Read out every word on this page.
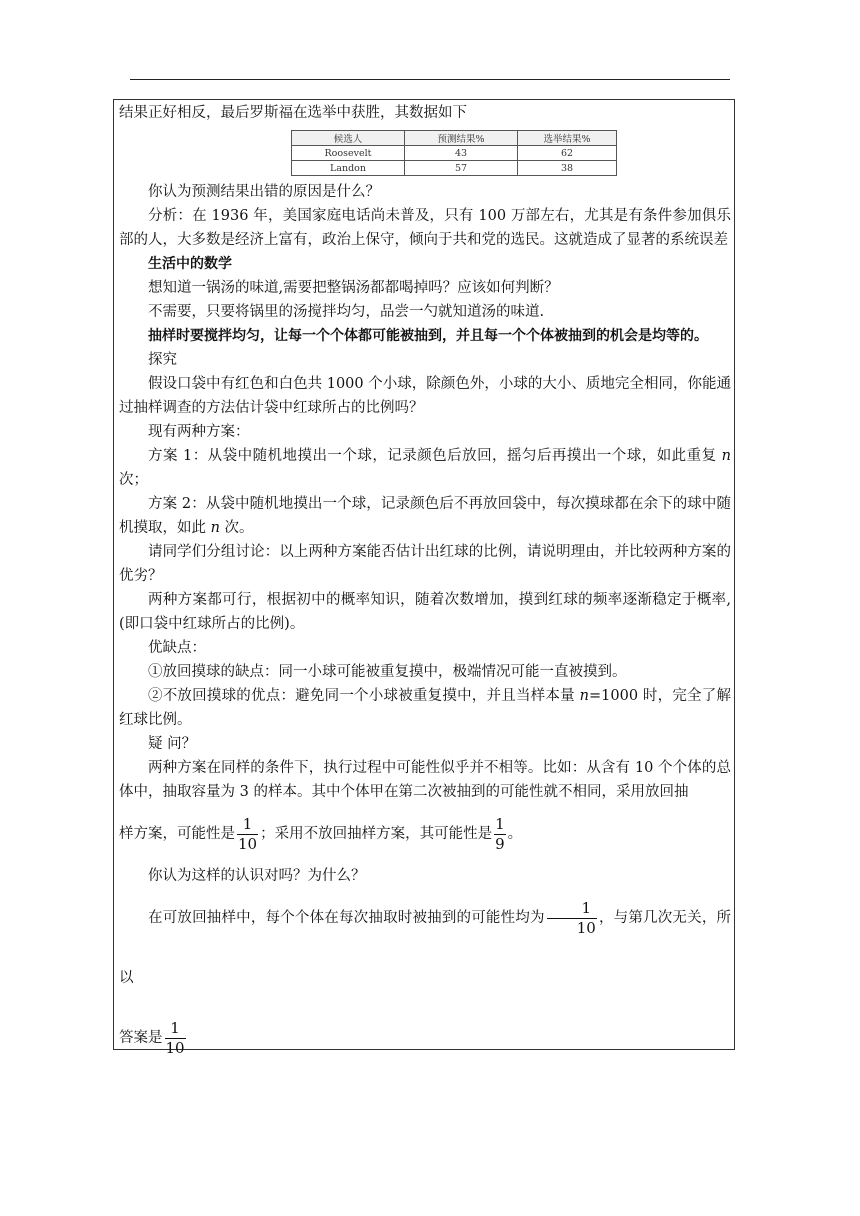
结果正好相反，最后罗斯福在选举中获胜，其数据如下

候选人	预测结果%	选举结果%
Roosevelt	43	62
Landon	57	38

你认为预测结果出错的原因是什么？

分析：在 1936 年，美国家庭电话尚未普及，只有 100 万部左右，尤其是有条件参加俱乐部的人，大多数是经济上富有，政治上保守，倾向于共和党的选民。这就造成了显著的系统误差

生活中的数学

想知道一锅汤的味道,需要把整锅汤都都喝掉吗？应该如何判断？

不需要，只要将锅里的汤搅拌均匀，品尝一勺就知道汤的味道.

抽样时要搅拌均匀，让每一个个体都可能被抽到，并且每一个个体被抽到的机会是均等的。

探究

假设口袋中有红色和白色共 1000 个小球，除颜色外，小球的大小、质地完全相同，你能通过抽样调查的方法估计袋中红球所占的比例吗？

现有两种方案：

方案 1：从袋中随机地摸出一个球，记录颜色后放回，摇匀后再摸出一个球，如此重复 n 次；

方案 2：从袋中随机地摸出一个球，记录颜色后不再放回袋中，每次摸球都在余下的球中随机摸取，如此 n 次。

请同学们分组讨论：以上两种方案能否估计出红球的比例，请说明理由，并比较两种方案的优劣？

两种方案都可行，根据初中的概率知识，随着次数增加，摸到红球的频率逐渐稳定于概率,(即口袋中红球所占的比例)。

优缺点：

①放回摸球的缺点：同一小球可能被重复摸中，极端情况可能一直被摸到。

②不放回摸球的优点：避免同一个小球被重复摸中，并且当样本量 n=1000 时，完全了解红球比例。

疑 问？

两种方案在同样的条件下，执行过程中可能性似乎并不相等。比如：从含有 10 个个体的总体中，抽取容量为 3 的样本。其中个体甲在第二次被抽到的可能性就不相同，采用放回抽

样方案，可能性是 $\frac{1}{10}$ ；采用不放回抽样方案，其可能性是 $\frac{1}{9}$ 。

你认为这样的认识对吗？为什么？

在可放回抽样中，每个个体在每次抽取时被抽到的可能性均为 $\frac{1}{10}$ ，与第几次无关，所以

答案是 $\frac{1}{10}$
